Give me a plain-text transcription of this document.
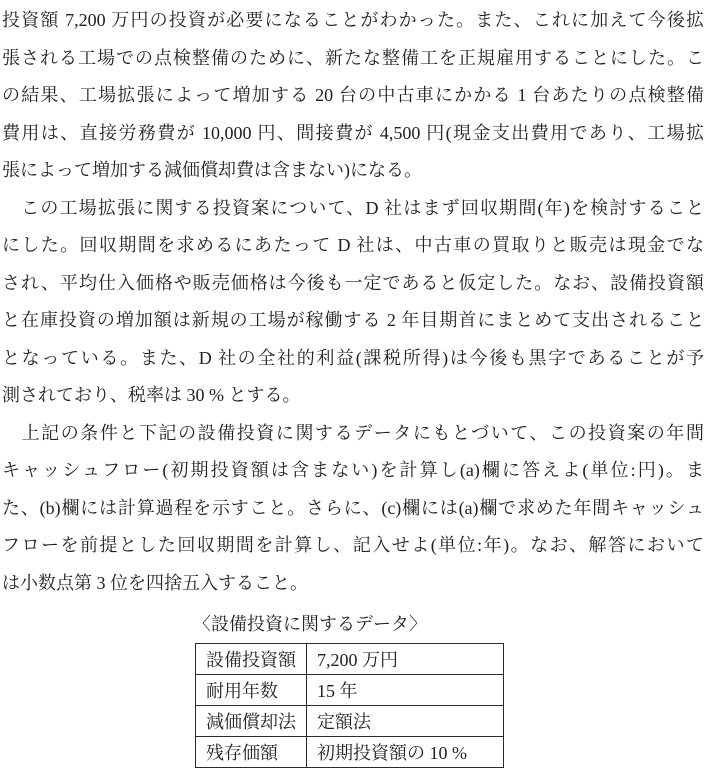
投資額 7,200 万円の投資が必要になることがわかった。また、これに加えて今後拡
張される工場での点検整備のために、新たな整備工を正規雇用することにした。こ
の結果、工場拡張によって増加する 20 台の中古車にかかる 1 台あたりの点検整備
費用は、直接労務費が 10,000 円、間接費が 4,500 円(現金支出費用であり、工場拡
張によって増加する減価償却費は含まない)になる。
　この工場拡張に関する投資案について、D 社はまず回収期間(年)を検討すること
にした。回収期間を求めるにあたって D 社は、中古車の買取りと販売は現金でな
され、平均仕入価格や販売価格は今後も一定であると仮定した。なお、設備投資額
と在庫投資の増加額は新規の工場が稼働する 2 年目期首にまとめて支出されること
となっている。また、D 社の全社的利益(課税所得)は今後も黒字であることが予
測されており、税率は 30 % とする。
　上記の条件と下記の設備投資に関するデータにもとづいて、この投資案の年間
キャッシュフロー(初期投資額は含まない)を計算し(a)欄に答えよ(単位:円)。ま
た、(b)欄には計算過程を示すこと。さらに、(c)欄には(a)欄で求めた年間キャッシュ
フローを前提とした回収期間を計算し、記入せよ(単位:年)。なお、解答において
は小数点第 3 位を四捨五入すること。
〈設備投資に関するデータ〉
設備投資額	7,200 万円
耐用年数	15 年
減価償却法	定額法
残存価額	初期投資額の 10 %
